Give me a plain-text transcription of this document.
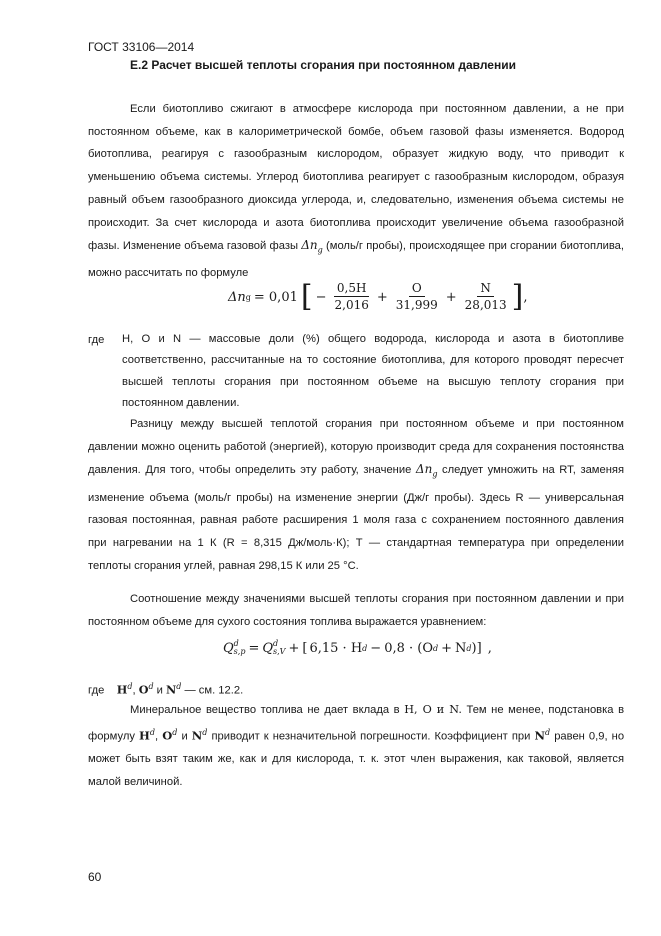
ГОСТ 33106—2014
Е.2 Расчет высшей теплоты сгорания при постоянном давлении

Если биотопливо сжигают в атмосфере кислорода при постоянном давлении, а не при постоянном объеме, как в калориметрической бомбе, объем газовой фазы изменяется. Водород биотоплива, реагируя с газообразным кислородом, образует жидкую воду, что приводит к уменьшению объема системы. Углерод биотоплива реагирует с газообразным кислородом, образуя равный объем газообразного диоксида углерода, и, следовательно, изменения объема системы не происходит. За счет кислорода и азота биотоплива происходит увеличение объема газообразной фазы. Изменение объема газовой фазы $\Delta n_g$ (моль/г пробы), происходящее при сгорании биотоплива, можно рассчитать по формуле

Δn g = 0,01 [ − $\frac{0,5H}{2,016} + \frac{O}{31,999} + \frac{N}{28,013}$ ] ,
где H, O и N — массовые доли (%) общего водорода, кислорода и азота в биотопливе соответственно, рассчитанные на то состояние биотоплива, для которого проводят пересчет высшей теплоты сгорания при постоянном объеме на высшую теплоту сгорания при постоянном давлении.

Разницу между высшей теплотой сгорания при постоянном объеме и при постоянном давлении можно оценить работой (энергией), которую производит среда для сохранения постоянства давления. Для того, чтобы определить эту работу, значение $\Delta n_g$ следует умножить на RT, заменяя изменение объема (моль/г пробы) на изменение энергии (Дж/г пробы). Здесь R — универсальная газовая постоянная, равная работе расширения 1 моля газа с сохранением постоянного давления при нагревании на 1 К (R = 8,315 Дж/моль·К); Т — стандартная температура при определении теплоты сгорания углей, равная 298,15 К или 25 °С.

Соотношение между значениями высшей теплоты сгорания при постоянном давлении и при постоянном объеме для сухого состояния топлива выражается уравнением:

Q d
s,p = Q d
s,V + [ 6,15 ·
H d − 0,8 · ( O d + N d )] ,
где $H^d$, $O^d$ и $N^d$ — см. 12.2.

Минеральное вещество топлива не дает вклада в H, O и N. Тем не менее, подстановка в формулу $H^d$, $O^d$ и $N^d$ приводит к незначительной погрешности. Коэффициент при $N^d$ равен 0,9, но может быть взят таким же, как и для кислорода, т. к. этот член выражения, как таковой, является малой величиной.

60
